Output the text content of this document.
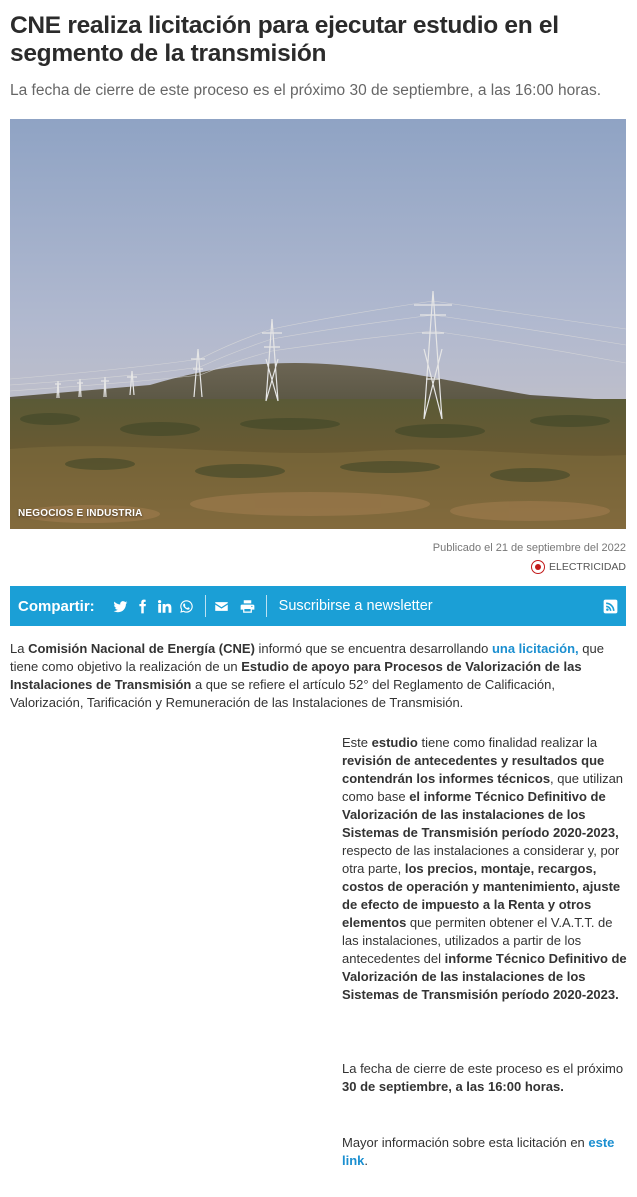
CNE realiza licitación para ejecutar estudio en el segmento de la transmisión

La fecha de cierre de este proceso es el próximo 30 de septiembre, a las 16:00 horas.

NEGOCIOS E INDUSTRIA
Publicado el 21 de septiembre del 2022
ELECTRICIDAD
Compartir:	Suscribirse a newsletter

La Comisión Nacional de Energía (CNE) informó que se encuentra desarrollando una licitación, que tiene como objetivo la realización de un Estudio de apoyo para Procesos de Valorización de las Instalaciones de Transmisión a que se refiere el artículo 52° del Reglamento de Calificación, Valorización, Tarificación y Remuneración de las Instalaciones de Transmisión.

Este estudio tiene como finalidad realizar la revisión de antecedentes y resultados que contendrán los informes técnicos, que utilizan como base el informe Técnico Definitivo de Valorización de las instalaciones de los Sistemas de Transmisión período 2020-2023, respecto de las instalaciones a considerar y, por otra parte, los precios, montaje, recargos, costos de operación y mantenimiento, ajuste de efecto de impuesto a la Renta y otros elementos que permiten obtener el V.A.T.T. de las instalaciones, utilizados a partir de los antecedentes del informe Técnico Definitivo de Valorización de las instalaciones de los Sistemas de Transmisión período 2020-2023.

La fecha de cierre de este proceso es el próximo 30 de septiembre, a las 16:00 horas.

Mayor información sobre esta licitación en este link.
